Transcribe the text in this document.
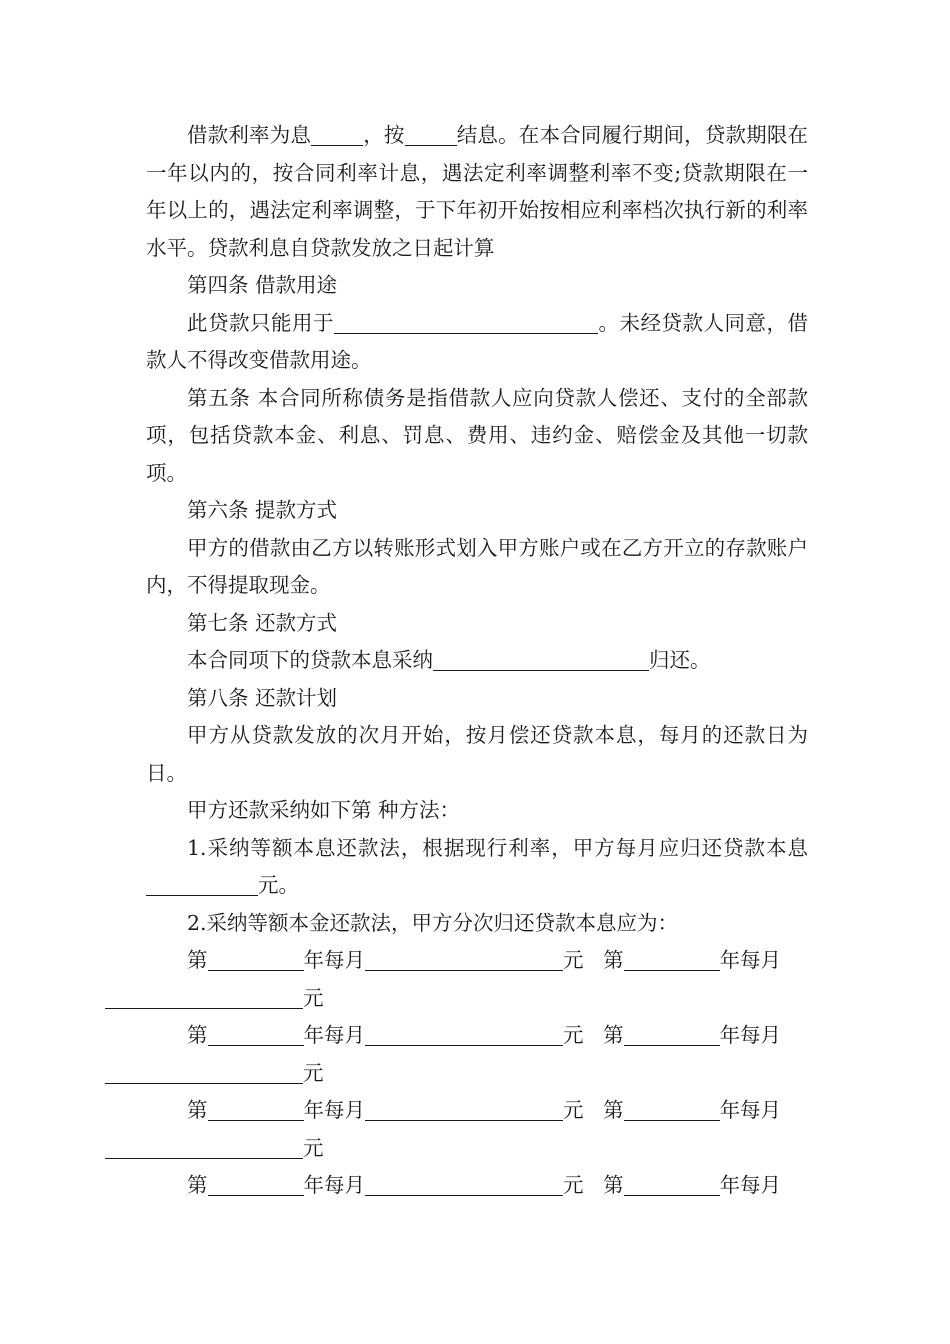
借款利率为息	，按	结息。在本合同履行期间，贷款期限在一年以内的，按合同利率计息，遇法定利率调整利率不变;贷款期限在一年以上的，遇法定利率调整，于下年初开始按相应利率档次执行新的利率水平。贷款利息自贷款发放之日起计算

第四条 借款用途

此贷款只能用于	。未经贷款人同意，借款人不得改变借款用途。

第五条 本合同所称债务是指借款人应向贷款人偿还、支付的全部款项，包括贷款本金、利息、罚息、费用、违约金、赔偿金及其他一切款项。

第六条 提款方式

甲方的借款由乙方以转账形式划入甲方账户或在乙方开立的存款账户内，不得提取现金。

第七条 还款方式

本合同项下的贷款本息采纳	归还。

第八条 还款计划

甲方从贷款发放的次月开始，按月偿还贷款本息，每月的还款日为 日。

甲方还款采纳如下第 种方法：

1.采纳等额本息还款法，根据现行利率，甲方每月应归还贷款本息元。

2.采纳等额本金还款法，甲方分次归还贷款本息应为：

第	年每月	元 第	年每月
元

第	年每月	元 第	年每月
元

第	年每月	元 第	年每月
元

第	年每月	元 第	年每月
